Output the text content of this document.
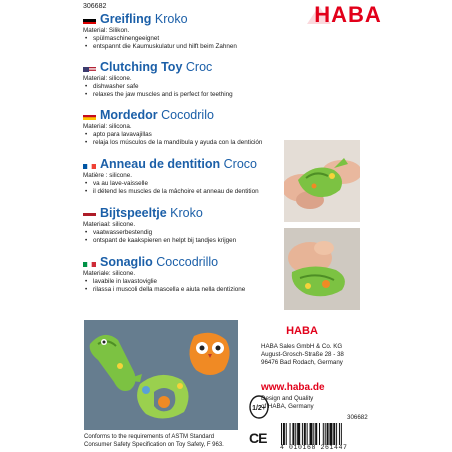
306682	HABA
Greifling Kroko
Material: Silikon.
• spülmaschinengeeignet
• entspannt die Kaumuskulatur und hilft beim Zahnen
Clutching Toy Croc
Material: silicone.
• dishwasher safe
• relaxes the jaw muscles and is perfect for teething
Mordedor Cocodrilo
Material: silicona.
• apto para lavavajillas
• relaja los músculos de la mandíbula y ayuda con la dentición
Anneau de dentition Croco
Matière : silicone.
• va au lave-vaisselle
• il détend les muscles de la mâchoire et anneau de dentition
Bijtspeeltje Kroko
Materiaal: silicone.
• vaatwasserbestendig
• ontspant de kaakspieren en helpt bij tandjes krijgen
Sonaglio Coccodrillo
Materiale: silicone.
• lavabile in lavastoviglie
• rilassa i muscoli della mascella e aiuta nella dentizione
HABA
HABA Sales GmbH & Co. KG
August-Grosch-Straße 28 - 38
96476 Bad Rodach, Germany
www.haba.de
Design and Quality
of HABA, Germany
306682
1/2+
CE
4 010168 261447
Conforms to the requirements of ASTM Standard
Consumer Safety Specification on Toy Safety, F 963.
